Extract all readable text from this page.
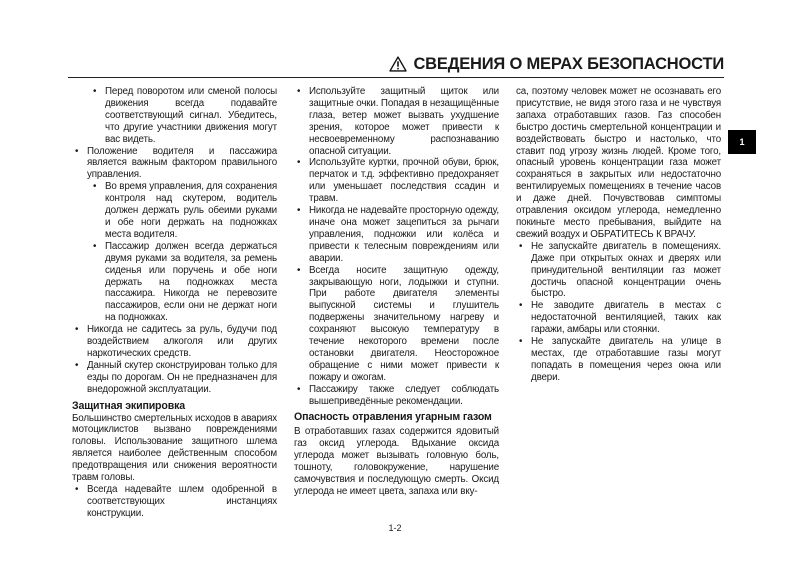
СВЕДЕНИЯ О МЕРАХ БЕЗОПАСНОСТИ
1

• Перед поворотом или сменой полосы движения всегда подавайте соответствующий сигнал. Убедитесь, что другие участники движения могут вас видеть.

• Положение водителя и пассажира является важным фактором правильного управления.

• Во время управления, для сохранения контроля над скутером, водитель должен держать руль обеими руками и обе ноги держать на подножках места водителя.

• Пассажир должен всегда держаться двумя руками за водителя, за ремень сиденья или поручень и обе ноги держать на подножках места пассажира. Никогда не перевозите пассажиров, если они не держат ноги на подножках.

• Никогда не садитесь за руль, будучи под воздействием алкоголя или других наркотических средств.

• Данный скутер сконструирован только для езды по дорогам. Он не предназначен для внедорожной эксплуатации.

Защитная экипировка

Большинство смертельных исходов в авариях мотоциклистов вызвано повреждениями головы. Использование защитного шлема является наиболее действенным способом предотвращения или снижения вероятности травм головы.

• Всегда надевайте шлем одобренной в соответствующих инстанциях конструкции.

• Используйте защитный щиток или защитные очки. Попадая в незащищённые глаза, ветер может вызвать ухудшение зрения, которое может привести к несвоевременному распознаванию опасной ситуации.

• Используйте куртки, прочной обуви, брюк, перчаток и т.д. эффективно предохраняет или уменьшает последствия ссадин и травм.

• Никогда не надевайте просторную одежду, иначе она может зацепиться за рычаги управления, подножки или колёса и привести к телесным повреждениям или аварии.

• Всегда носите защитную одежду, закрывающую ноги, лодыжки и ступни. При работе двигателя элементы выпускной системы и глушитель подвержены значительному нагреву и сохраняют высокую температуру в течение некоторого времени после остановки двигателя. Неосторожное обращение с ними может привести к пожару и ожогам.

• Пассажиру также следует соблюдать вышеприведённые рекомендации.

Опасность отравления угарным газом

В отработавших газах содержится ядовитый газ оксид углерода. Вдыхание оксида углерода может вызывать головную боль, тошноту, головокружение, нарушение самочувствия и последующую смерть. Оксид углерода не имеет цвета, запаха или вку-

са, поэтому человек может не осознавать его присутствие, не видя этого газа и не чувствуя запаха отработавших газов. Газ способен быстро достичь смертельной концентрации и воздействовать быстро и настолько, что ставит под угрозу жизнь людей. Кроме того, опасный уровень концентрации газа может сохраняться в закрытых или недостаточно вентилируемых помещениях в течение часов и даже дней. Почувствовав симптомы отравления оксидом углерода, немедленно покиньте место пребывания, выйдите на свежий воздух и ОБРАТИТЕСЬ К ВРАЧУ.

• Не запускайте двигатель в помещениях. Даже при открытых окнах и дверях или принудительной вентиляции газ может достичь опасной концентрации очень быстро.

• Не заводите двигатель в местах с недостаточной вентиляцией, таких как гаражи, амбары или стоянки.

• Не запускайте двигатель на улице в местах, где отработавшие газы могут попадать в помещения через окна или двери.

1-2
